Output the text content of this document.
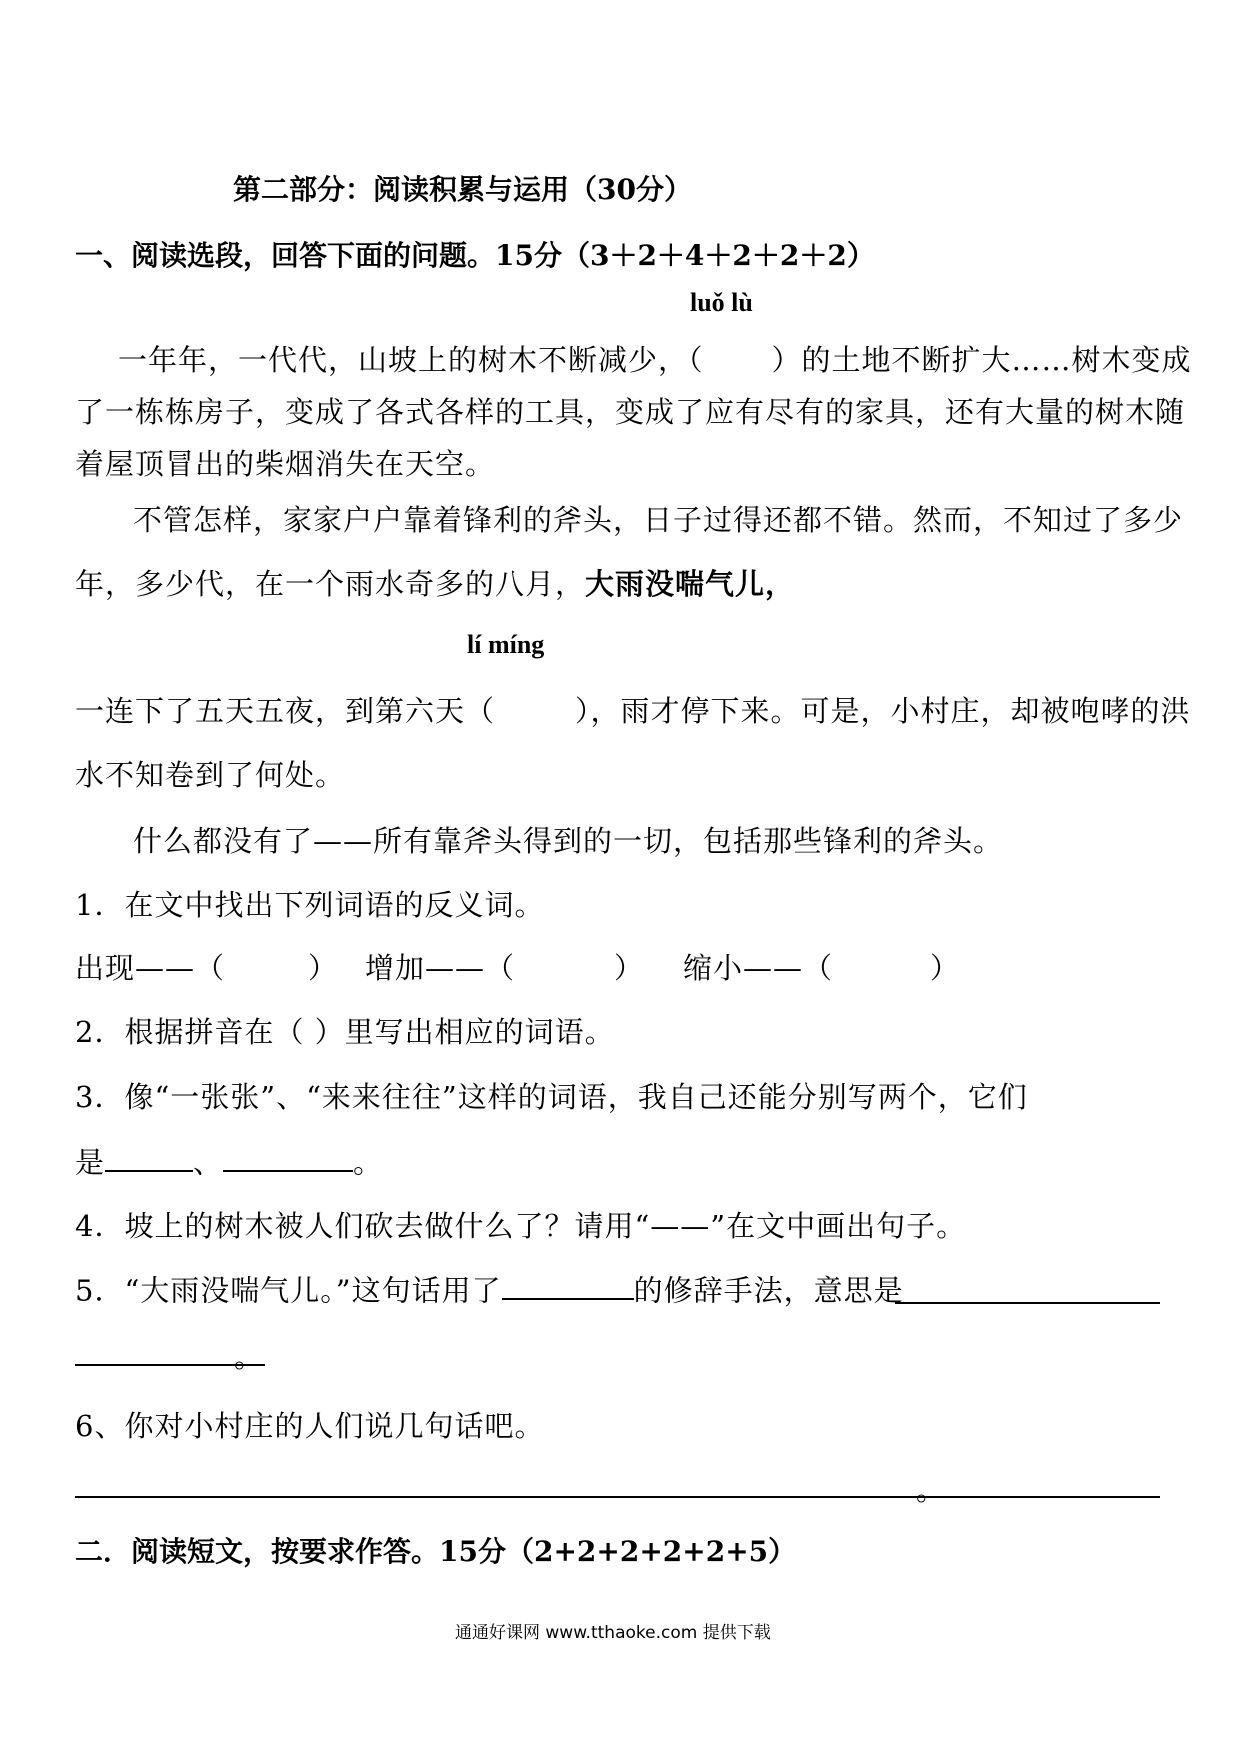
第二部分：阅读积累与运用（30分）
一、阅读选段，回答下面的问题。15分（3＋2＋4＋2＋2＋2）
luǒ lù
一年年，一代代，山坡上的树木不断减少，（ ）的土地不断扩大……树木变成
了一栋栋房子，变成了各式各样的工具，变成了应有尽有的家具，还有大量的树木随
着屋顶冒出的柴烟消失在天空。
不管怎样，家家户户靠着锋利的斧头，日子过得还都不错。然而，不知过了多少
年，多少代，在一个雨水奇多的八月，大雨没喘气儿，
lí míng
一连下了五天五夜，到第六天（	），雨才停下来。可是，小村庄，却被咆哮的洪
水不知卷到了何处。
什么都没有了——所有靠斧头得到的一切，包括那些锋利的斧头。
1．在文中找出下列词语的反义词。
出现——（	） 增加——（	） 缩小——（	）
2．根据拼音在（ ）里写出相应的词语。
3．像“一张张”、“来来往往”这样的词语，我自己还能分别写两个，它们
是	、	。
4．坡上的树木被人们砍去做什么了？请用“——”在文中画出句子。
5．“大雨没喘气儿。”这句话用了	的修辞手法，意思是
。
6、你对小村庄的人们说几句话吧。
。
二．阅读短文，按要求作答。15分（2+2+2+2+2+5）
通通好课网 www.tthaoke.com 提供下载
